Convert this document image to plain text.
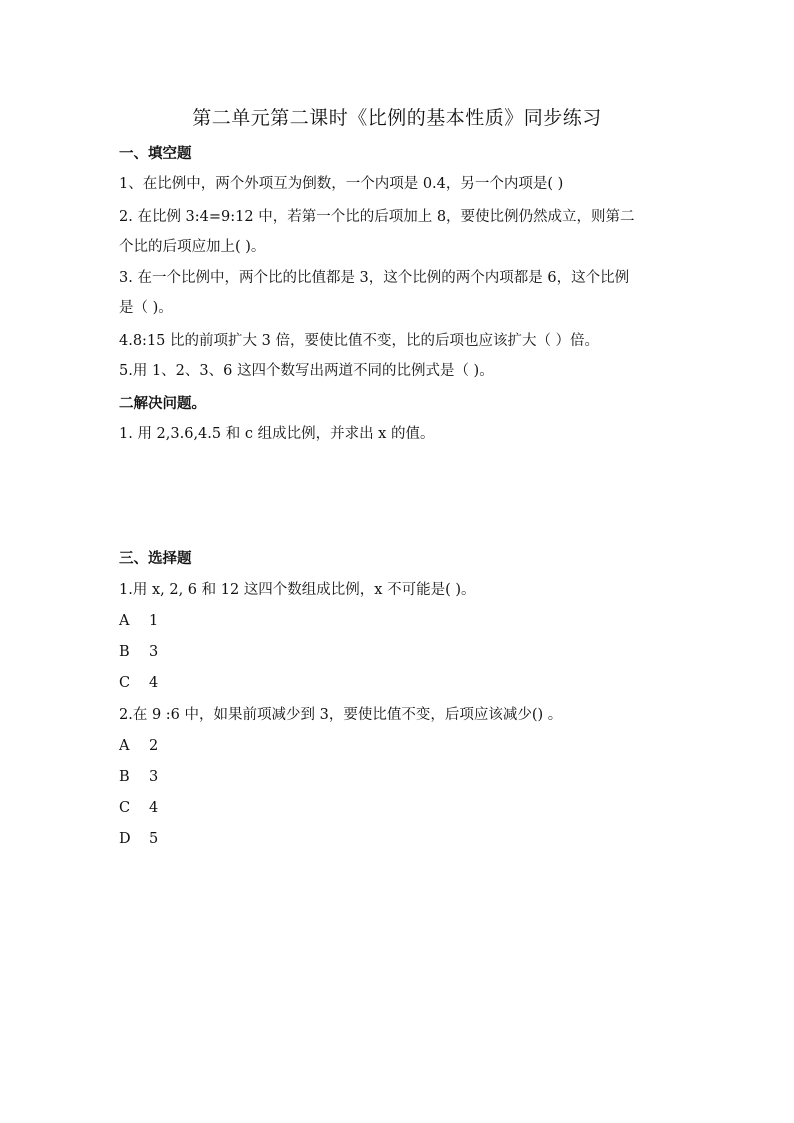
第二单元第二课时《比例的基本性质》同步练习
一、填空题
1、在比例中，两个外项互为倒数，一个内项是 0.4，另一个内项是( )
2. 在比例 3:4=9:12 中，若第一个比的后项加上 8，要使比例仍然成立，则第二
个比的后项应加上( )。
3. 在一个比例中，两个比的比值都是 3，这个比例的两个内项都是 6，这个比例
是（ )。
4.8:15 比的前项扩大 3 倍，要使比值不变，比的后项也应该扩大（ ）倍。
5.用 1、2、3、6 这四个数写出两道不同的比例式是（ )。
二解决问题。
1. 用 2,3.6,4.5 和 c 组成比例，并求出 x 的值。
三、选择题
1.用 x, 2, 6 和 12 这四个数组成比例，x 不可能是( )。
A 1
B 3
C 4
2.在 9 :6 中，如果前项减少到 3，要使比值不变，后项应该减少() 。
A 2
B 3
C 4
D 5
